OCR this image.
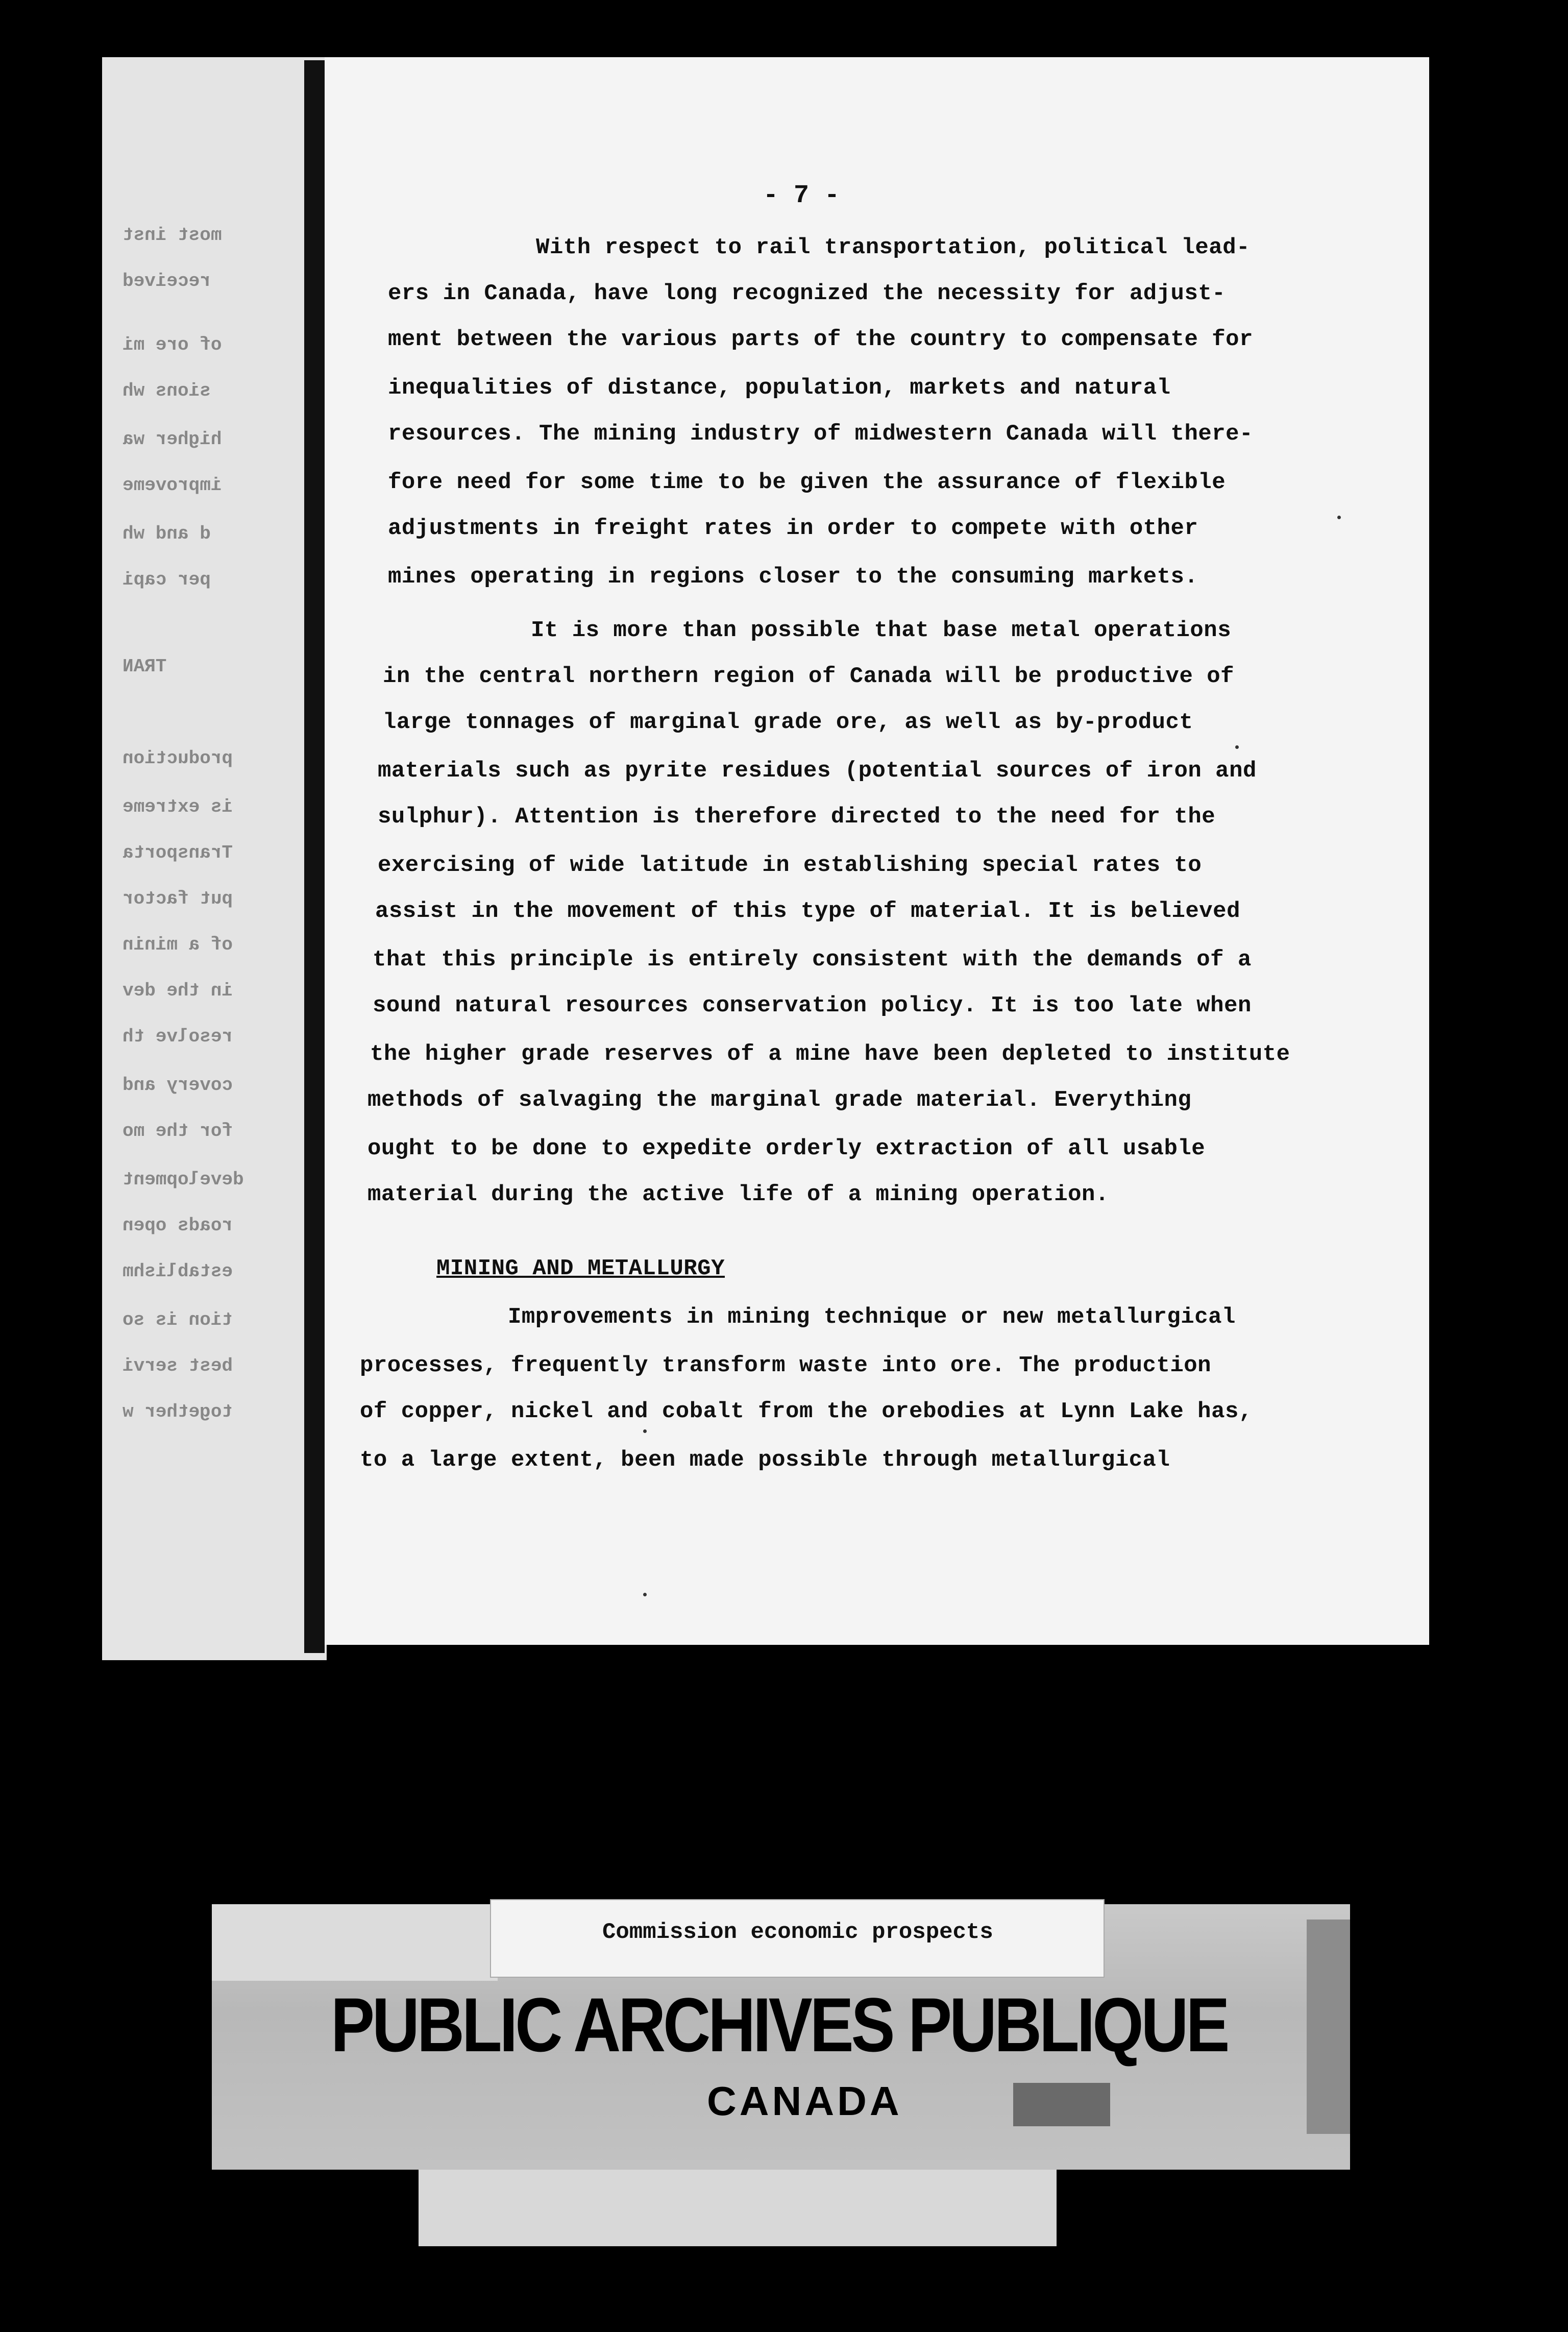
most inst
received
of ore mi
sions wh
higher wa
improveme
d and wh
per capi
TRAN
production
is extreme
Transporta
put factor
of a minin
in the dev
resolve th
covery and
for the mo
development
roads open
establishm
tion is so
best servi
together w
- 7 -
With respect to rail transportation, political lead-
ers in Canada, have long recognized the necessity for adjust-
ment between the various parts of the country to compensate for
inequalities of distance, population, markets and natural
resources. The mining industry of midwestern Canada will there-
fore need for some time to be given the assurance of flexible
adjustments in freight rates in order to compete with other
mines operating in regions closer to the consuming markets.
It is more than possible that base metal operations
in the central northern region of Canada will be productive of
large tonnages of marginal grade ore, as well as by-product
materials such as pyrite residues (potential sources of iron and
sulphur). Attention is therefore directed to the need for the
exercising of wide latitude in establishing special rates to
assist in the movement of this type of material. It is believed
that this principle is entirely consistent with the demands of a
sound natural resources conservation policy. It is too late when
the higher grade reserves of a mine have been depleted to institute
methods of salvaging the marginal grade material. Everything
ought to be done to expedite orderly extraction of all usable
material during the active life of a mining operation.
MINING AND METALLURGY
Improvements in mining technique or new metallurgical
processes, frequently transform waste into ore. The production
of copper, nickel and cobalt from the orebodies at Lynn Lake has,
to a large extent, been made possible through metallurgical
Commission economic prospects
PUBLIC ARCHIVES PUBLIQUE
CANADA
